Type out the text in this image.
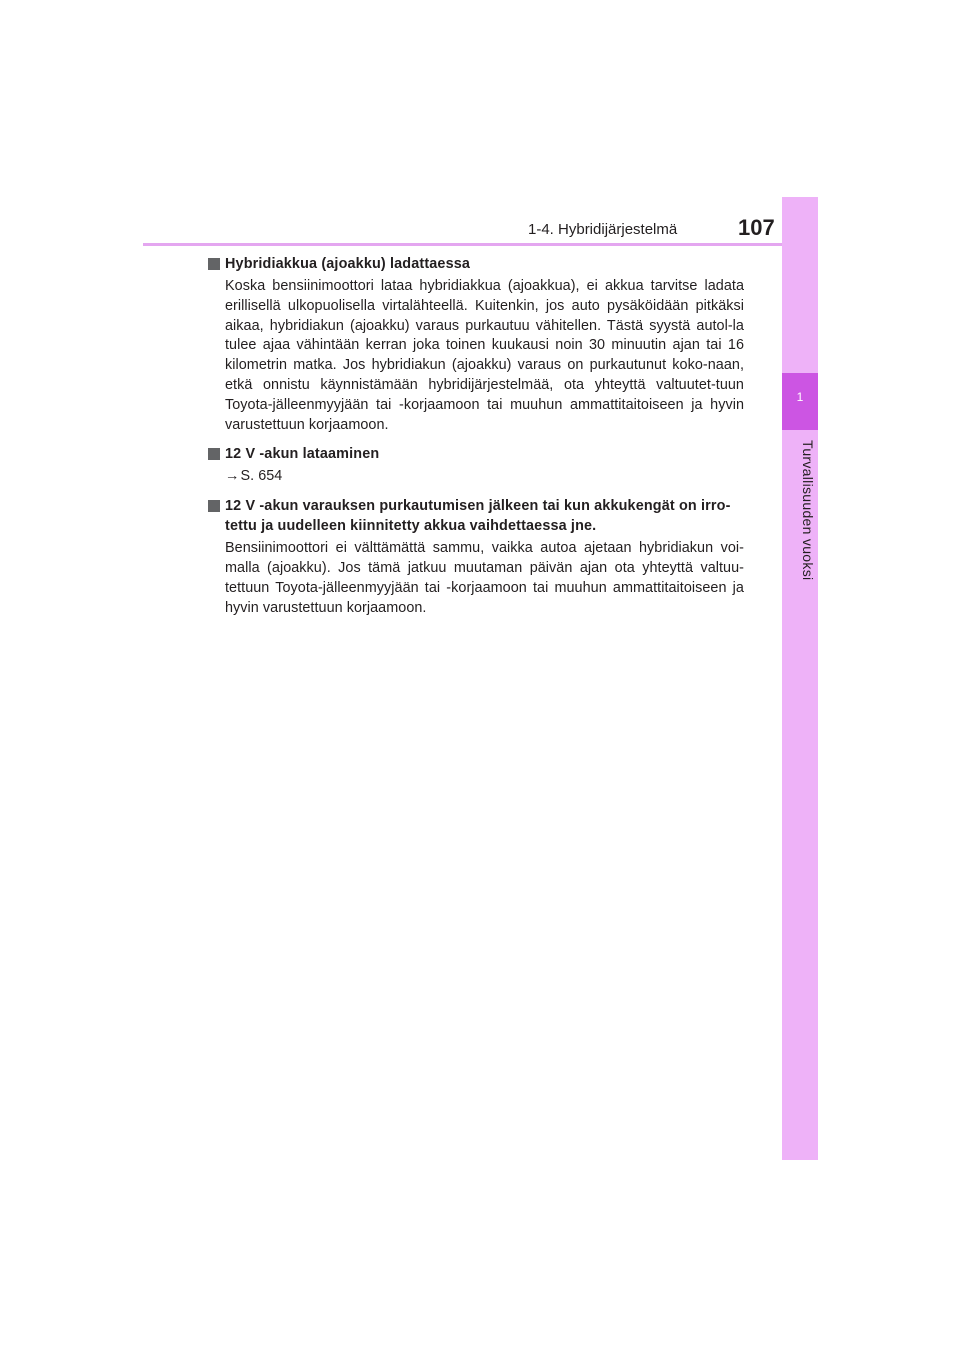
1-4. Hybridijärjestelmä	107
1
Turvallisuuden vuoksi
Hybridiakkua (ajoakku) ladattaessa
Koska bensiinimoottori lataa hybridiakkua (ajoakkua), ei akkua tarvitse ladata erillisellä ulkopuolisella virtalähteellä. Kuitenkin, jos auto pysäköidään pitkäksi aikaa, hybridiakun (ajoakku) varaus purkautuu vähitellen. Tästä syystä autol-la tulee ajaa vähintään kerran joka toinen kuukausi noin 30 minuutin ajan tai 16 kilometrin matka. Jos hybridiakun (ajoakku) varaus on purkautunut koko-naan, etkä onnistu käynnistämään hybridijärjestelmää, ota yhteyttä valtuutet-tuun Toyota-jälleenmyyjään tai -korjaamoon tai muuhun ammattitaitoiseen ja hyvin varustettuun korjaamoon.
12 V -akun lataaminen
→S. 654
12 V -akun varauksen purkautumisen jälkeen tai kun akkukengät on irro-tettu ja uudelleen kiinnitetty akkua vaihdettaessa jne.
Bensiinimoottori ei välttämättä sammu, vaikka autoa ajetaan hybridiakun voi-malla (ajoakku). Jos tämä jatkuu muutaman päivän ajan ota yhteyttä valtuu-tettuun Toyota-jälleenmyyjään tai -korjaamoon tai muuhun ammattitaitoiseen ja hyvin varustettuun korjaamoon.
